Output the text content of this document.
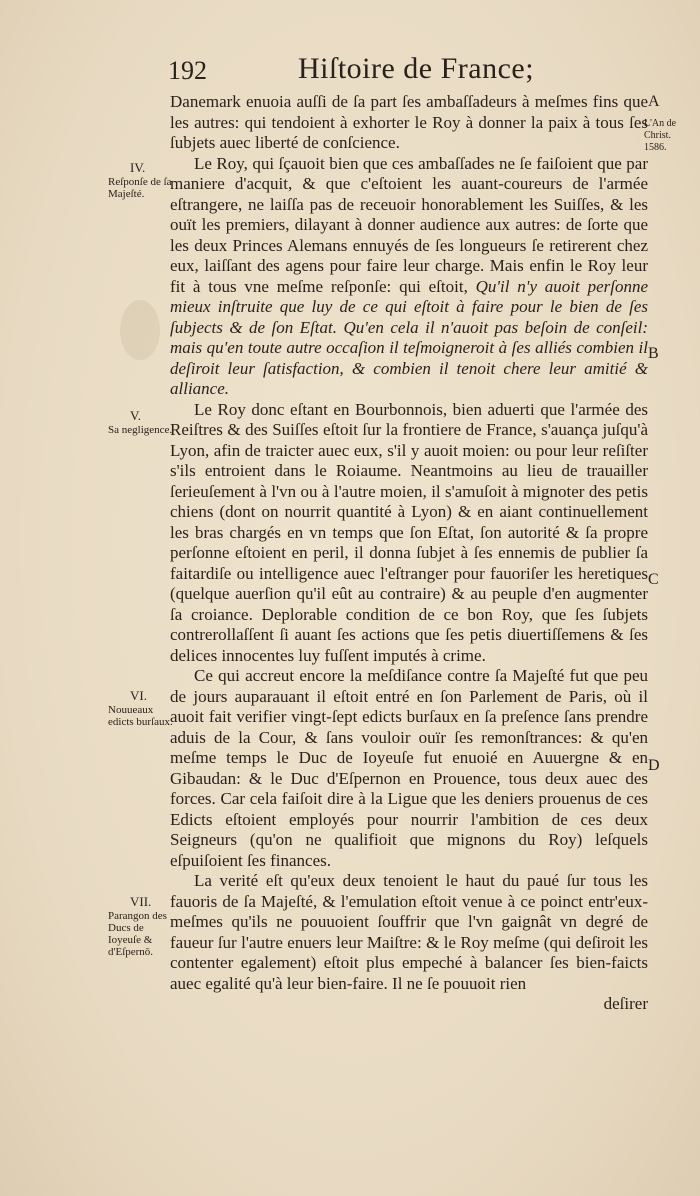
192	Hiſtoire de France;
L'An de
Christ.
1586.
A
B
C
D
IV.
Reſponſe de ſa Majeſté.
V.
Sa negligence.
VI.
Nouueaux edicts burſaux.
VII.
Parangon des Ducs de Ioyeuſe & d'Eſpernō.

Danemark enuoia auſſi de ſa part ſes ambaſſadeurs à meſmes fins que les autres: qui tendoient à exhorter le Roy à donner la paix à tous ſes ſubjets auec liberté de conſcience.

Le Roy, qui ſçauoit bien que ces ambaſſades ne ſe faiſoient que par maniere d'acquit, & que c'eſtoient les auant-coureurs de l'armée eſtrangere, ne laiſſa pas de receuoir honorablement les Suiſſes, & les ouït les premiers, dilayant à donner audience aux autres: de ſorte que les deux Princes Alemans ennuyés de ſes longueurs ſe retirerent chez eux, laiſſant des agens pour faire leur charge. Mais enfin le Roy leur fit à tous vne meſme reſponſe: qui eſtoit, Qu'il n'y auoit perſonne mieux inſtruite que luy de ce qui eſtoit à faire pour le bien de ſes ſubjects & de ſon Eſtat. Qu'en cela il n'auoit pas beſoin de conſeil: mais qu'en toute autre occaſion il teſmoigneroit à ſes alliés combien il deſiroit leur ſatisfaction, & combien il tenoit chere leur amitié & alliance.

Le Roy donc eſtant en Bourbonnois, bien aduerti que l'armée des Reiſtres & des Suiſſes eſtoit ſur la frontiere de France, s'auança juſqu'à Lyon, afin de traicter auec eux, s'il y auoit moien: ou pour leur reſiſter s'ils entroient dans le Roiaume. Neantmoins au lieu de trauailler ſerieuſement à l'vn ou à l'autre moien, il s'amuſoit à mignoter des petis chiens (dont on nourrit quantité à Lyon) & en aiant continuellement les bras chargés en vn temps que ſon Eſtat, ſon autorité & ſa propre perſonne eſtoient en peril, il donna ſubjet à ſes ennemis de publier ſa faitardiſe ou intelligence auec l'eſtranger pour fauoriſer les heretiques (quelque auerſion qu'il eût au contraire) & au peuple d'en augmenter ſa croiance. Deplorable condition de ce bon Roy, que ſes ſubjets contrerollaſſent ſi auant ſes actions que ſes petis diuertiſſemens & ſes delices innocentes luy fuſſent imputés à crime.

Ce qui accreut encore la meſdiſance contre ſa Majeſté fut que peu de jours auparauant il eſtoit entré en ſon Parlement de Paris, où il auoit fait verifier vingt-ſept edicts burſaux en ſa preſence ſans prendre aduis de la Cour, & ſans vouloir ouïr ſes remonſtrances: & qu'en meſme temps le Duc de Ioyeuſe fut enuoié en Auuergne & en Gibaudan: & le Duc d'Eſpernon en Prouence, tous deux auec des forces. Car cela faiſoit dire à la Ligue que les deniers prouenus de ces Edicts eſtoient employés pour nourrir l'ambition de ces deux Seigneurs (qu'on ne qualifioit que mignons du Roy) leſquels eſpuiſoient ſes finances.

La verité eſt qu'eux deux tenoient le haut du paué ſur tous les fauoris de ſa Majeſté, & l'emulation eſtoit venue à ce poinct entr'eux-meſmes qu'ils ne pouuoient ſouffrir que l'vn gaignât vn degré de faueur ſur l'autre enuers leur Maiſtre: & le Roy meſme (qui deſiroit les contenter egalement) eſtoit plus empeché à balancer ſes bien-faicts auec egalité qu'à leur bien-faire. Il ne ſe pouuoit rien

deſirer
